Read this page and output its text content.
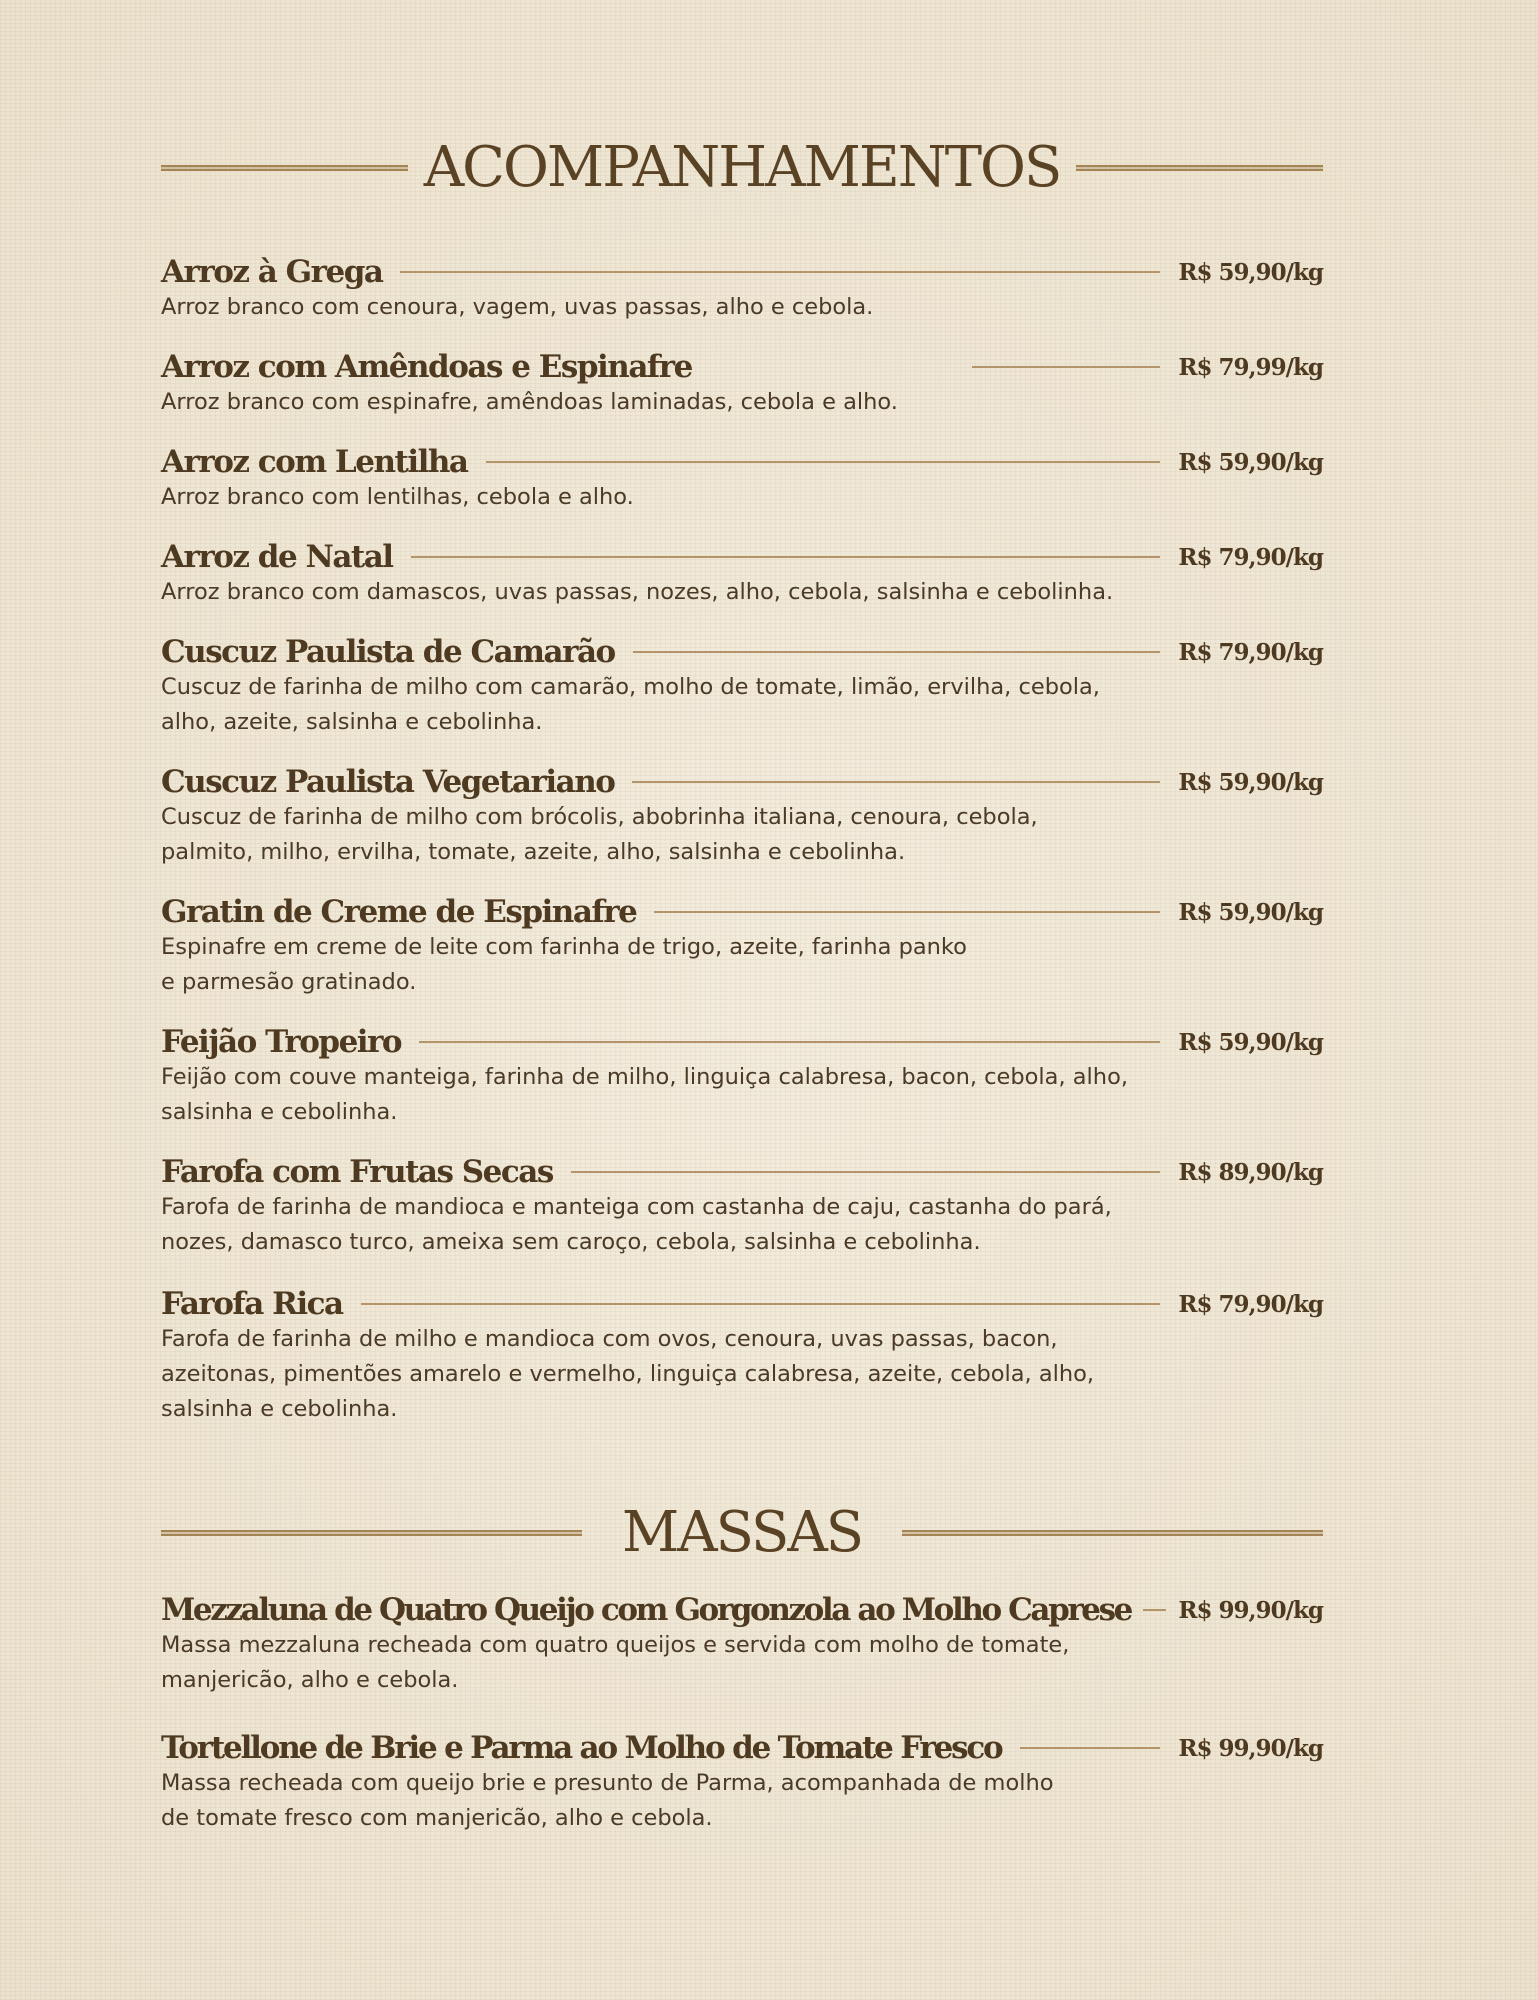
ACOMPANHAMENTOS
Arroz à Grega	R$ 59,90/kg
Arroz branco com cenoura, vagem, uvas passas, alho e cebola.
Arroz com Amêndoas e Espinafre	R$ 79,99/kg
Arroz branco com espinafre, amêndoas laminadas, cebola e alho.
Arroz com Lentilha	R$ 59,90/kg
Arroz branco com lentilhas, cebola e alho.
Arroz de Natal	R$ 79,90/kg
Arroz branco com damascos, uvas passas, nozes, alho, cebola, salsinha e cebolinha.
Cuscuz Paulista de Camarão	R$ 79,90/kg
Cuscuz de farinha de milho com camarão, molho de tomate, limão, ervilha, cebola,
alho, azeite, salsinha e cebolinha.
Cuscuz Paulista Vegetariano	R$ 59,90/kg
Cuscuz de farinha de milho com brócolis, abobrinha italiana, cenoura, cebola,
palmito, milho, ervilha, tomate, azeite, alho, salsinha e cebolinha.
Gratin de Creme de Espinafre	R$ 59,90/kg
Espinafre em creme de leite com farinha de trigo, azeite, farinha panko
e parmesão gratinado.
Feijão Tropeiro	R$ 59,90/kg
Feijão com couve manteiga, farinha de milho, linguiça calabresa, bacon, cebola, alho,
salsinha e cebolinha.
Farofa com Frutas Secas	R$ 89,90/kg
Farofa de farinha de mandioca e manteiga com castanha de caju, castanha do pará,
nozes, damasco turco, ameixa sem caroço, cebola, salsinha e cebolinha.
Farofa Rica	R$ 79,90/kg
Farofa de farinha de milho e mandioca com ovos, cenoura, uvas passas, bacon,
azeitonas, pimentões amarelo e vermelho, linguiça calabresa, azeite, cebola, alho,
salsinha e cebolinha.
MASSAS
Mezzaluna de Quatro Queijo com Gorgonzola ao Molho Caprese R$ 99,90/kg
Massa mezzaluna recheada com quatro queijos e servida com molho de tomate,
manjericão, alho e cebola.
Tortellone de Brie e Parma ao Molho de Tomate Fresco	R$ 99,90/kg
Massa recheada com queijo brie e presunto de Parma, acompanhada de molho
de tomate fresco com manjericão, alho e cebola.
